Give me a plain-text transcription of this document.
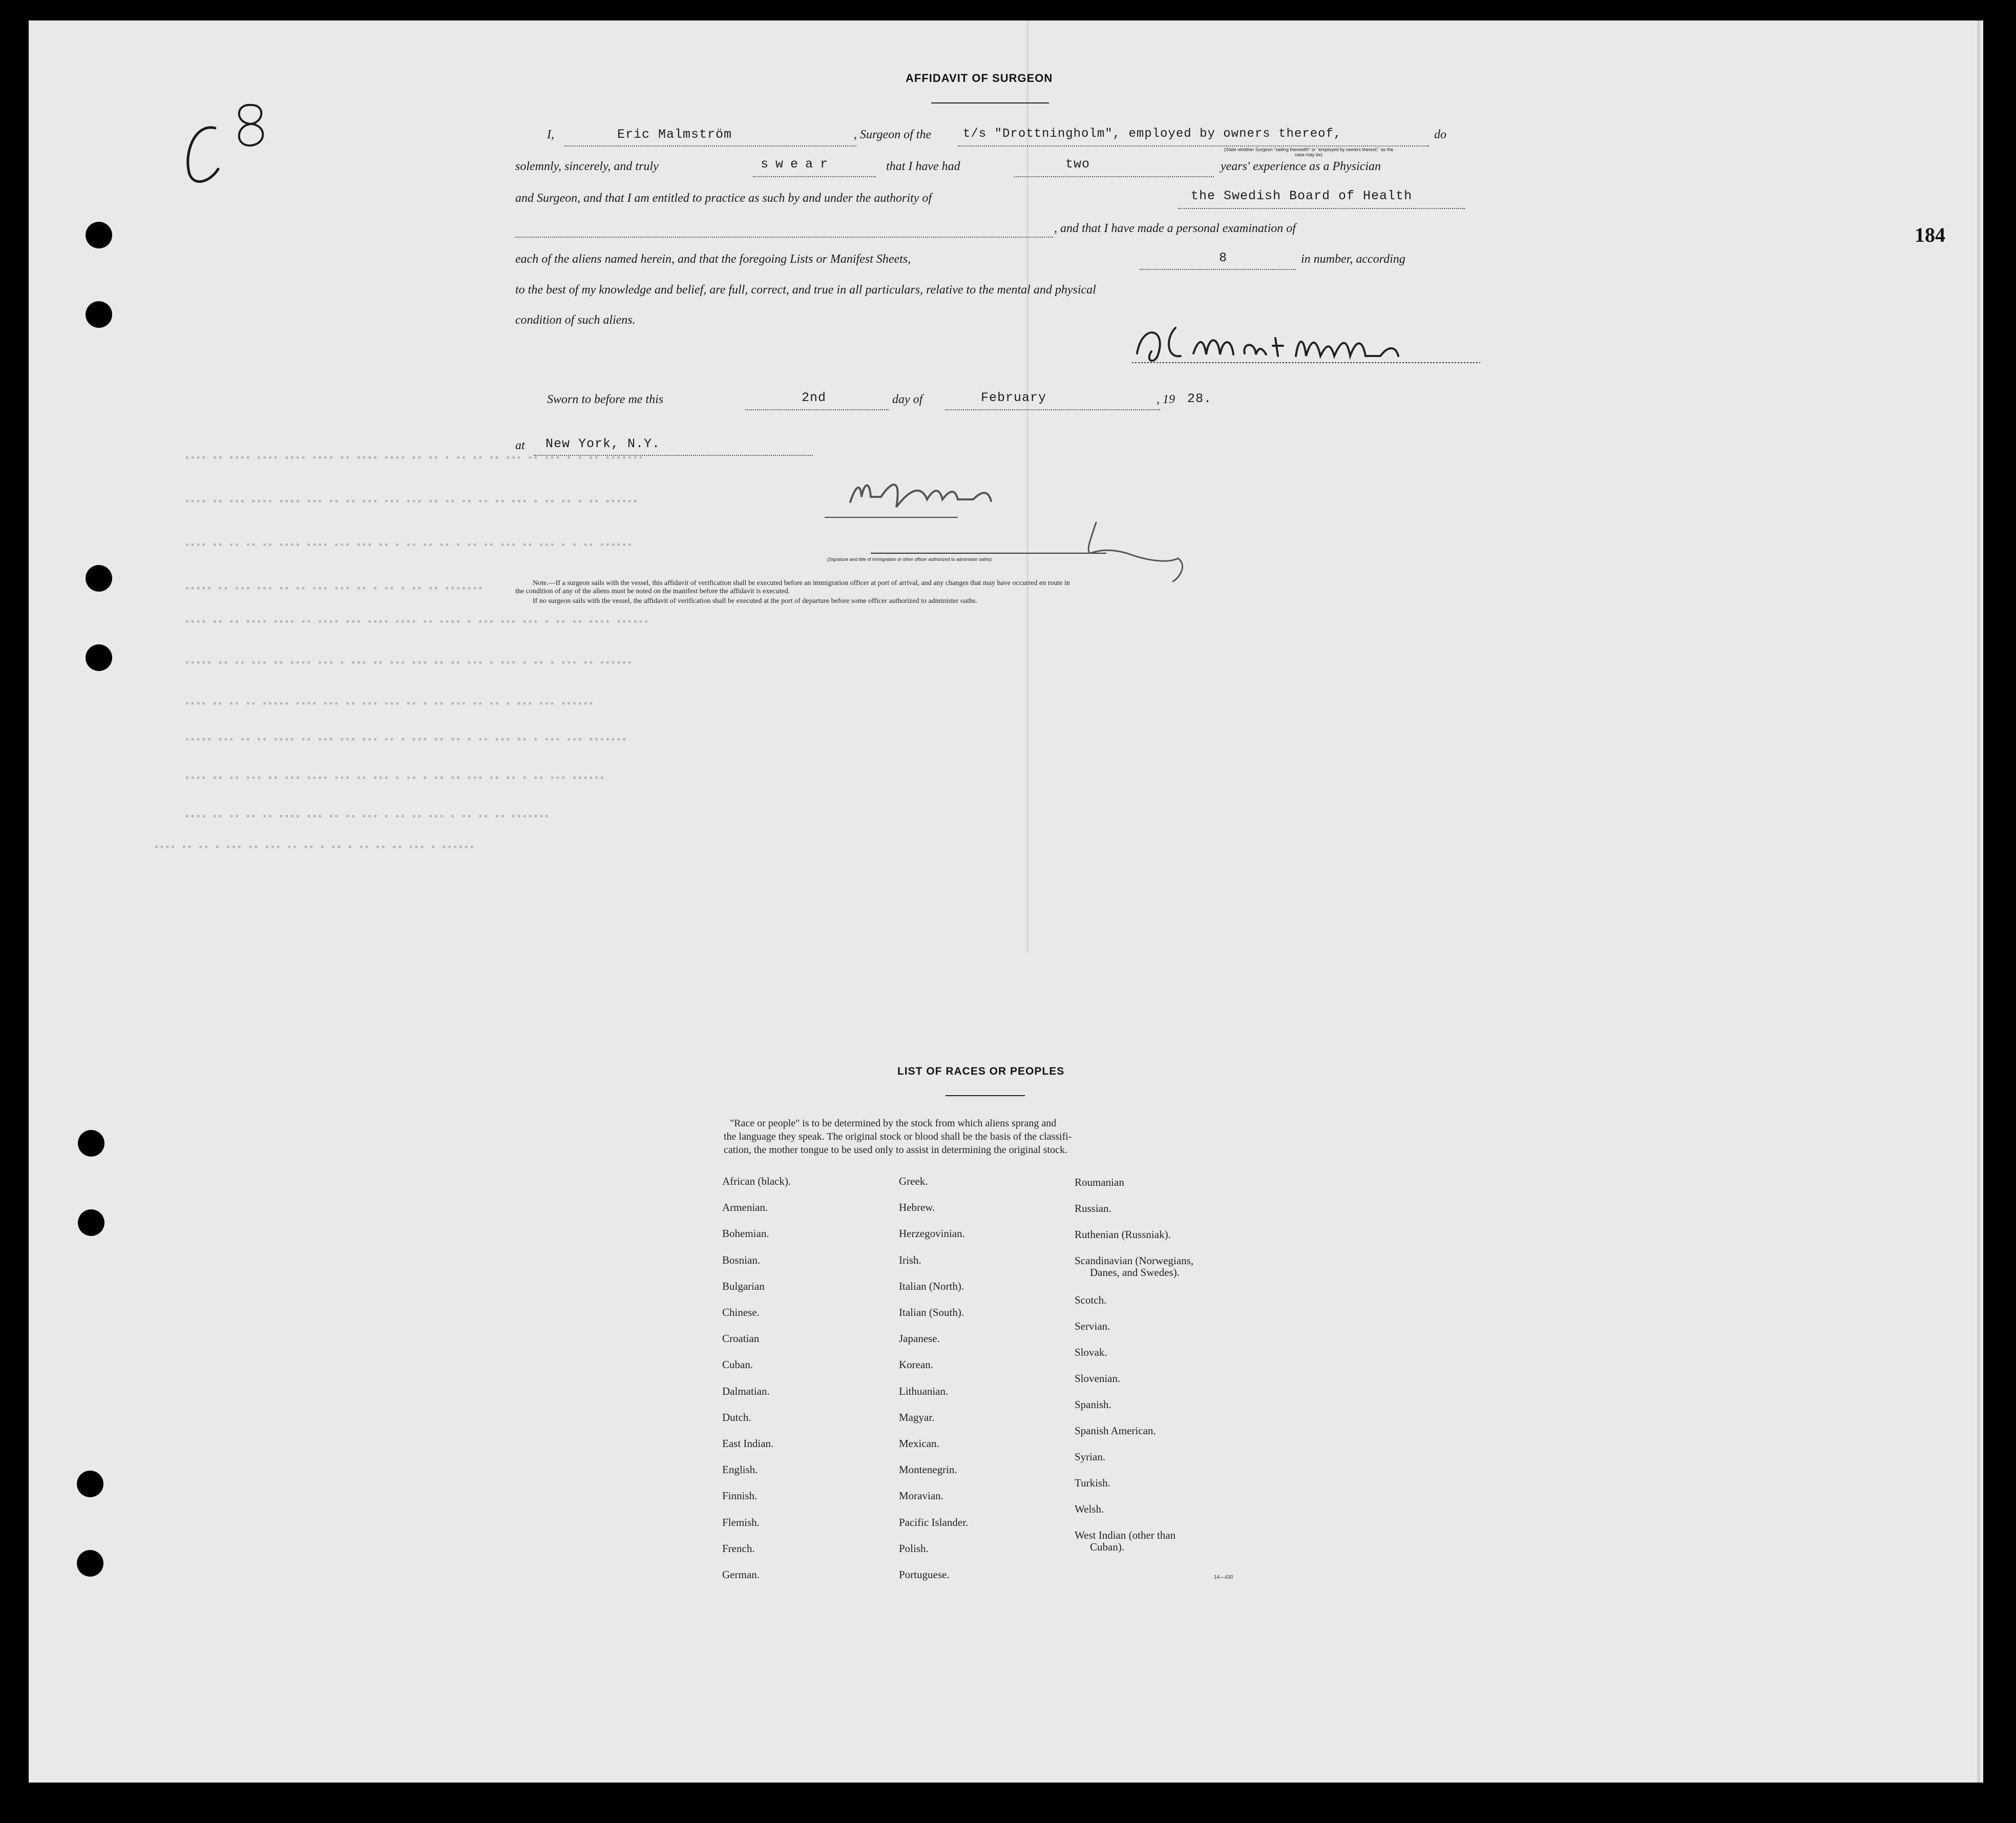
184
AFFIDAVIT OF SURGEON
I,	Eric Malmström	, Surgeon of the	t/s "Drottningholm", employed by owners thereof,	do
(State whether Surgeon "sailing therewith" or "employed by owners thereof," as the case may be)
solemnly, sincerely, and truly	swear	that I have had	two	years' experience as a Physician
and Surgeon, and that I am entitled to practice as such by and under the authority of	the Swedish Board of Health
, and that I have made a personal examination of
each of the aliens named herein, and that the foregoing Lists or Manifest Sheets,	8	in number, according
to the best of my knowledge and belief, are full, correct, and true in all particulars, relative to the mental and physical
condition of such aliens.
Sworn to before me this	2nd	day of	February	, 19 28.
at New York, N.Y.
(Signature and title of immigration or other officer authorized to administer oaths)
Note.—If a surgeon sails with the vessel, this affidavit of verification shall be executed before an immigration officer at port of arrival, and any changes that may have occurred en route in
the condition of any of the aliens must be noted on the manifest before the affidavit is executed.
If no surgeon sails with the vessel, the affidavit of verification shall be executed at the port of departure before some officer authorized to administer oaths.
▪▪▪▪ ▪▪ ▪▪▪▪ ▪▪▪▪ ▪▪▪▪ ▪▪▪▪ ▪▪ ▪▪▪▪ ▪▪▪▪ ▪▪ ▪▪ ▪ ▪▪ ▪▪ ▪▪ ▪▪▪ ▪▪ ▪▪▪ ▪ ▪ ▪▪ ▪▪▪▪▪▪▪
▪▪▪▪ ▪▪ ▪▪▪ ▪▪▪▪ ▪▪▪▪ ▪▪▪ ▪▪ ▪▪ ▪▪▪ ▪▪▪ ▪▪▪ ▪▪ ▪▪ ▪▪ ▪▪ ▪▪ ▪▪▪ ▪ ▪▪ ▪▪ ▪ ▪▪ ▪▪▪▪▪▪
▪▪▪▪ ▪▪ ▪▪ ▪▪ ▪▪ ▪▪▪▪ ▪▪▪▪ ▪▪▪ ▪▪▪ ▪▪ ▪ ▪▪ ▪▪ ▪▪ ▪ ▪▪ ▪▪ ▪▪▪ ▪▪ ▪▪▪ ▪ ▪ ▪▪ ▪▪▪▪▪▪
▪▪▪▪▪ ▪▪ ▪▪▪ ▪▪▪ ▪▪ ▪▪ ▪▪▪ ▪▪▪ ▪▪ ▪ ▪▪ ▪ ▪▪ ▪▪ ▪▪▪▪▪▪▪
▪▪▪▪ ▪▪ ▪▪ ▪▪▪▪ ▪▪▪▪ ▪▪ ▪▪▪▪ ▪▪▪ ▪▪▪▪ ▪▪▪▪ ▪▪ ▪▪▪▪ ▪ ▪▪▪ ▪▪▪ ▪▪▪ ▪ ▪▪ ▪▪ ▪▪▪▪ ▪▪▪▪▪▪
▪▪▪▪▪ ▪▪ ▪▪ ▪▪▪ ▪▪ ▪▪▪▪ ▪▪▪ ▪ ▪▪▪ ▪▪ ▪▪▪ ▪▪▪ ▪▪ ▪▪ ▪▪▪ ▪ ▪▪▪ ▪ ▪▪ ▪ ▪▪▪ ▪▪ ▪▪▪▪▪▪
▪▪▪▪ ▪▪ ▪▪ ▪▪ ▪▪▪▪▪ ▪▪▪▪ ▪▪▪ ▪▪ ▪▪▪ ▪▪▪ ▪▪ ▪ ▪▪ ▪▪▪ ▪▪ ▪▪ ▪ ▪▪▪ ▪▪▪ ▪▪▪▪▪▪
▪▪▪▪▪ ▪▪▪ ▪▪ ▪▪ ▪▪▪▪ ▪▪ ▪▪▪ ▪▪▪ ▪▪▪ ▪▪ ▪ ▪▪▪ ▪▪ ▪▪ ▪ ▪▪ ▪▪▪ ▪▪ ▪ ▪▪▪ ▪▪▪ ▪▪▪▪▪▪▪
▪▪▪▪ ▪▪ ▪▪ ▪▪▪ ▪▪ ▪▪▪ ▪▪▪▪ ▪▪▪ ▪▪ ▪▪▪ ▪ ▪▪ ▪ ▪▪ ▪▪ ▪▪▪ ▪▪ ▪▪ ▪ ▪▪ ▪▪▪ ▪▪▪▪▪▪
▪▪▪▪ ▪▪ ▪▪ ▪▪ ▪▪ ▪▪▪▪ ▪▪▪ ▪▪ ▪▪ ▪▪▪ ▪ ▪▪ ▪▪ ▪▪▪ ▪ ▪▪ ▪▪ ▪▪ ▪▪▪▪▪▪▪
▪▪▪▪ ▪▪ ▪▪ ▪ ▪▪▪ ▪▪ ▪▪▪ ▪▪ ▪▪ ▪ ▪▪ ▪ ▪▪ ▪▪ ▪▪ ▪▪▪ ▪ ▪▪▪▪▪▪
LIST OF RACES OR PEOPLES
"Race or people" is to be determined by the stock from which aliens sprang and
the language they speak. The original stock or blood shall be the basis of the classifi-
cation, the mother tongue to be used only to assist in determining the original stock.
African (black).
Armenian.
Bohemian.
Bosnian.
Bulgarian
Chinese.
Croatian
Cuban.
Dalmatian.
Dutch.
East Indian.
English.
Finnish.
Flemish.
French.
German.
Greek.
Hebrew.
Herzegovinian.
Irish.
Italian (North).
Italian (South).
Japanese.
Korean.
Lithuanian.
Magyar.
Mexican.
Montenegrin.
Moravian.
Pacific Islander.
Polish.
Portuguese.
Roumanian
Russian.
Ruthenian (Russniak).
Scandinavian (Norwegians,
Danes, and Swedes).
Scotch.
Servian.
Slovak.
Slovenian.
Spanish.
Spanish American.
Syrian.
Turkish.
Welsh.
West Indian (other than
Cuban).
14—430
